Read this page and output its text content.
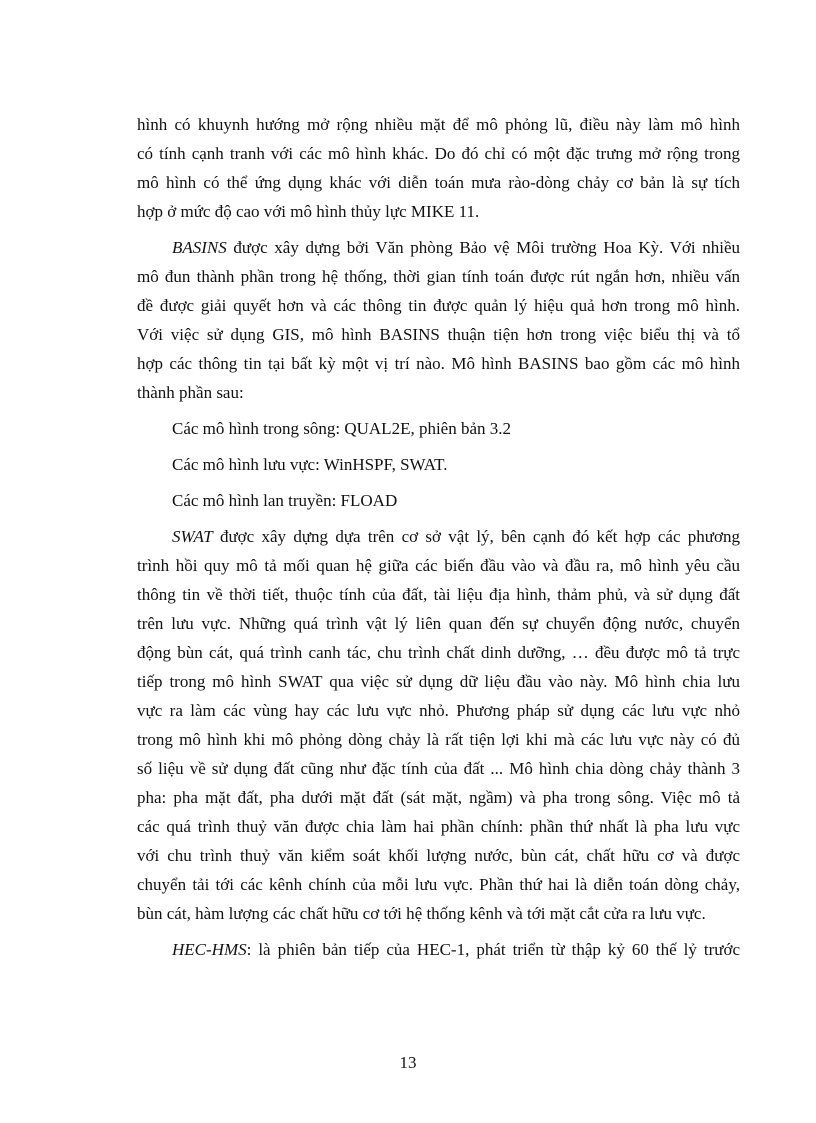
hình có khuynh hướng mở rộng nhiều mặt để mô phỏng lũ, điều này làm mô hình
có tính cạnh tranh với các mô hình khác. Do đó chỉ có một đặc trưng mở rộng trong
mô hình có thể ứng dụng khác với diễn toán mưa rào-dòng chảy cơ bản là sự tích
hợp ở mức độ cao với mô hình thủy lực MIKE 11.
BASINS được xây dựng bởi Văn phòng Bảo vệ Môi trường Hoa Kỳ. Với nhiều
mô đun thành phần trong hệ thống, thời gian tính toán được rút ngắn hơn, nhiều vấn
đề được giải quyết hơn và các thông tin được quản lý hiệu quả hơn trong mô hình.
Với việc sử dụng GIS, mô hình BASINS thuận tiện hơn trong việc biểu thị và tổ
hợp các thông tin tại bất kỳ một vị trí nào. Mô hình BASINS bao gồm các mô hình
thành phần sau:
Các mô hình trong sông: QUAL2E, phiên bản 3.2
Các mô hình lưu vực: WinHSPF, SWAT.
Các mô hình lan truyền: FLOAD
SWAT được xây dựng dựa trên cơ sở vật lý, bên cạnh đó kết hợp các phương
trình hồi quy mô tả mối quan hệ giữa các biến đầu vào và đầu ra, mô hình yêu cầu
thông tin về thời tiết, thuộc tính của đất, tài liệu địa hình, thảm phủ, và sử dụng đất
trên lưu vực. Những quá trình vật lý liên quan đến sự chuyển động nước, chuyển
động bùn cát, quá trình canh tác, chu trình chất dinh dưỡng, … đều được mô tả trực
tiếp trong mô hình SWAT qua việc sử dụng dữ liệu đầu vào này. Mô hình chia lưu
vực ra làm các vùng hay các lưu vực nhỏ. Phương pháp sử dụng các lưu vực nhỏ
trong mô hình khi mô phỏng dòng chảy là rất tiện lợi khi mà các lưu vực này có đủ
số liệu về sử dụng đất cũng như đặc tính của đất ... Mô hình chia dòng chảy thành 3
pha: pha mặt đất, pha dưới mặt đất (sát mặt, ngầm) và pha trong sông. Việc mô tả
các quá trình thuỷ văn được chia làm hai phần chính: phần thứ nhất là pha lưu vực
với chu trình thuỷ văn kiểm soát khối lượng nước, bùn cát, chất hữu cơ và được
chuyển tải tới các kênh chính của mỗi lưu vực. Phần thứ hai là diễn toán dòng chảy,
bùn cát, hàm lượng các chất hữu cơ tới hệ thống kênh và tới mặt cắt cửa ra lưu vực.
HEC-HMS: là phiên bản tiếp của HEC-1, phát triển từ thập kỷ 60 thế lỷ trước
13
